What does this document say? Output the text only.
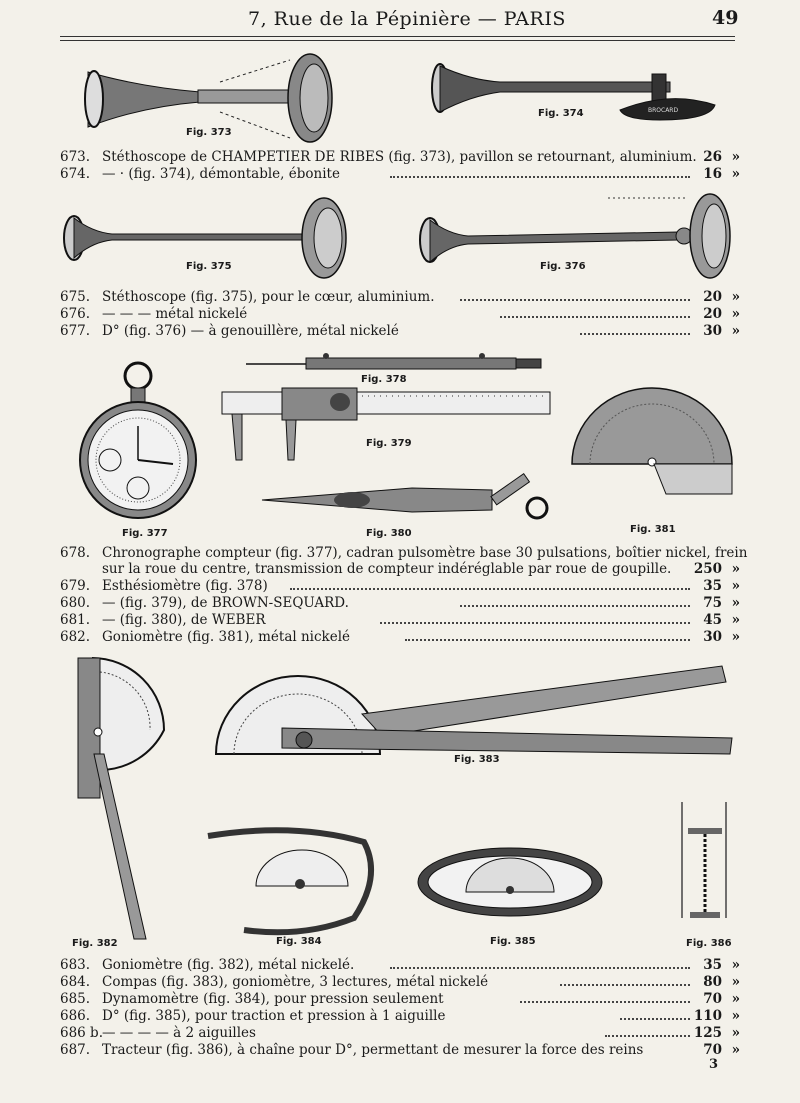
7, Rue de la Pépinière — PARIS	49
Fig. 373
BROCARD
Fig. 374
Fig. 375	Fig. 376
673. Stéthoscope de CHAMPETIER DE RIBES (fig. 373), pavillon se retournant, aluminium. 26 »
674. — · (fig. 374), démontable, ébonite	16 »
675. Stéthoscope (fig. 375), pour le cœur, aluminium.	20 »
676. — — — métal nickelé	20 »
677. D° (fig. 376) — à genouillère, métal nickelé	30 »
Fig. 377
Fig. 378
Fig. 379
Fig. 380	Fig. 381
678. Chronographe compteur (fig. 377), cadran pulsomètre base 30 pulsations, boîtier nickel, frein
sur la roue du centre, transmission de compteur indéréglable par roue de goupille. 250 »
679. Esthésiomètre (fig. 378)	35 »
680. — (fig. 379), de BROWN-SEQUARD.	75 »
681. — (fig. 380), de WEBER	45 »
682. Goniomètre (fig. 381), métal nickelé	30 »
Fig. 382
Fig. 383
Fig. 384	Fig. 385	Fig. 386
683. Goniomètre (fig. 382), métal nickelé.	35 »
684. Compas (fig. 383), goniomètre, 3 lectures, métal nickelé	80 »
685. Dynamomètre (fig. 384), pour pression seulement	70 »
686. D° (fig. 385), pour traction et pression à 1 aiguille	110 »
686 b.— — — — à 2 aiguilles	125 »
687. Tracteur (fig. 386), à chaîne pour D°, permettant de mesurer la force des reins	70 »
3
